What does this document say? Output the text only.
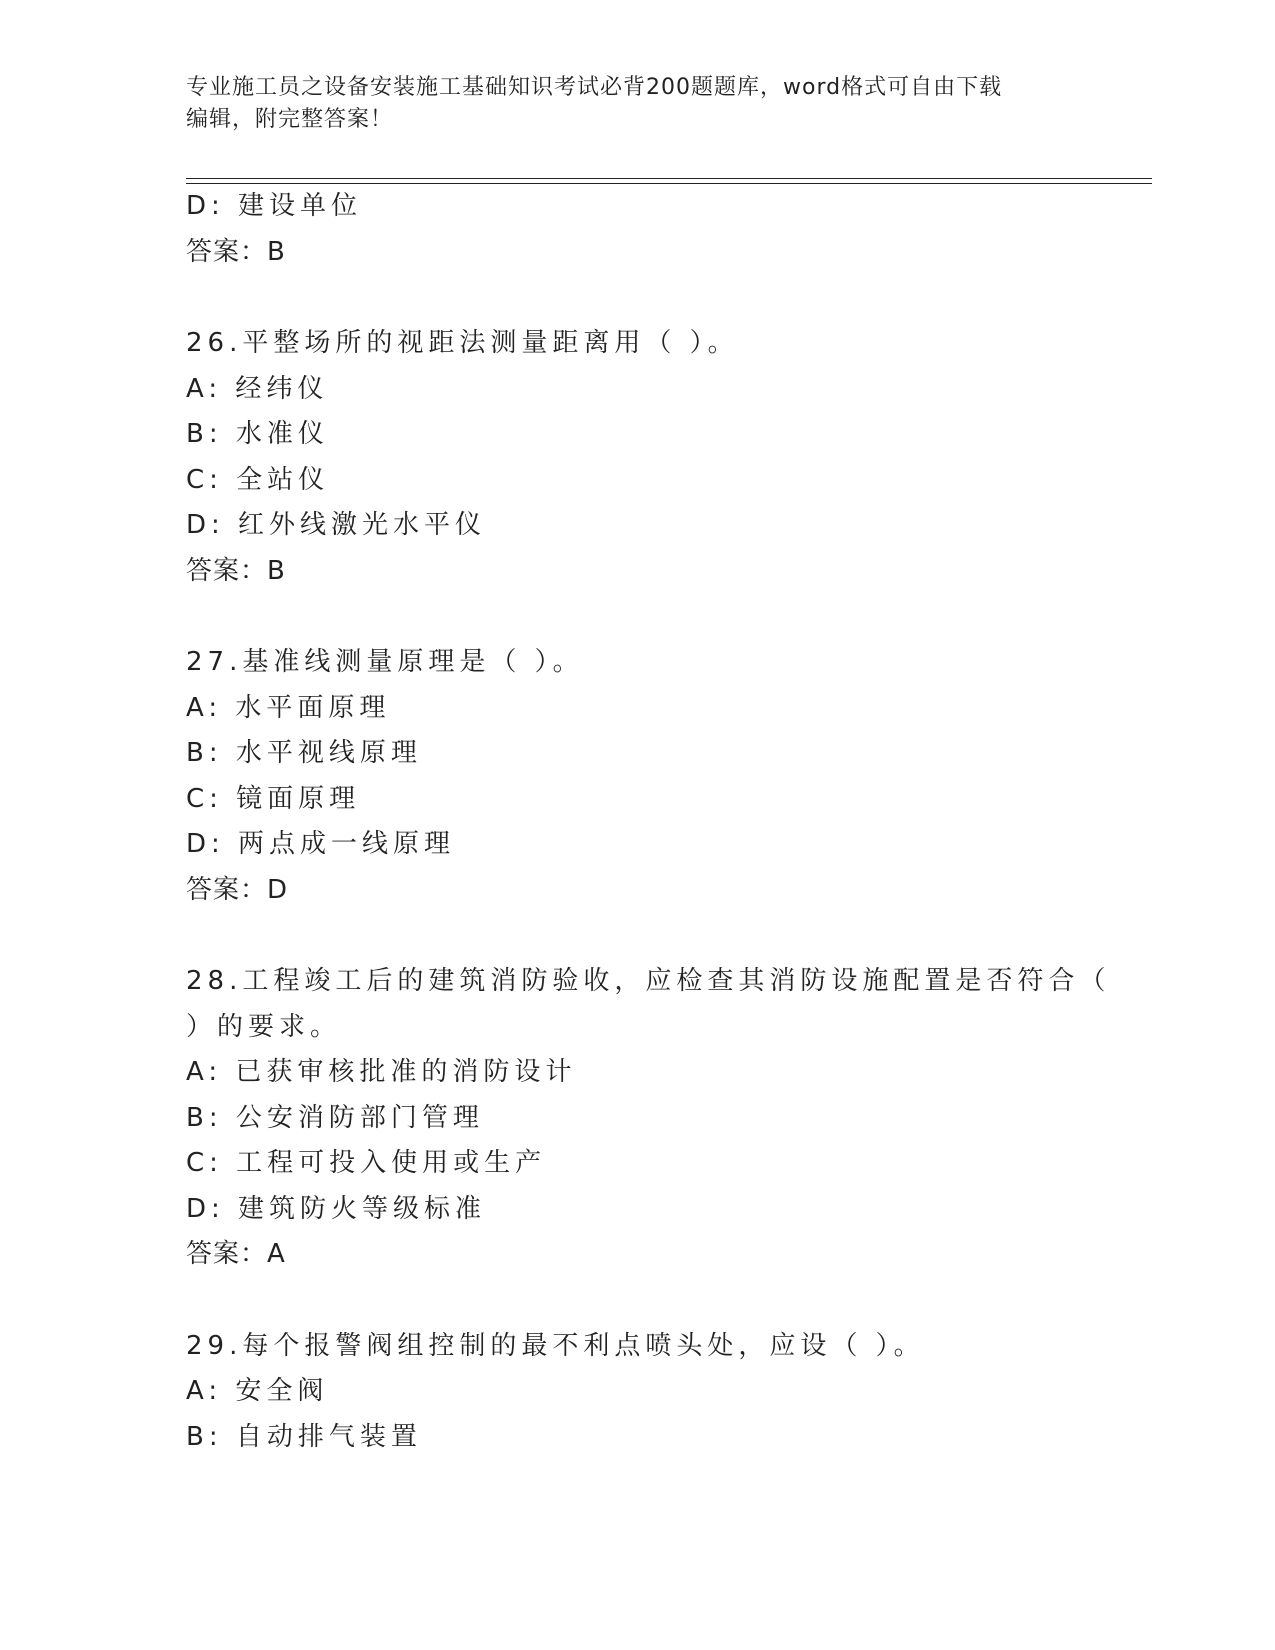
专业施工员之设备安装施工基础知识考试必背200题题库，word格式可自由下载
编辑，附完整答案！
D: 建设单位
答案：B
26.平整场所的视距法测量距离用（ ）。
A: 经纬仪
B: 水准仪
C: 全站仪
D: 红外线激光水平仪
答案：B
27.基准线测量原理是（ ）。
A: 水平面原理
B: 水平视线原理
C: 镜面原理
D: 两点成一线原理
答案：D
28.工程竣工后的建筑消防验收，应检查其消防设施配置是否符合（
）的要求。
A: 已获审核批准的消防设计
B: 公安消防部门管理
C: 工程可投入使用或生产
D: 建筑防火等级标准
答案：A
29.每个报警阀组控制的最不利点喷头处，应设（ ）。
A: 安全阀
B: 自动排气装置
